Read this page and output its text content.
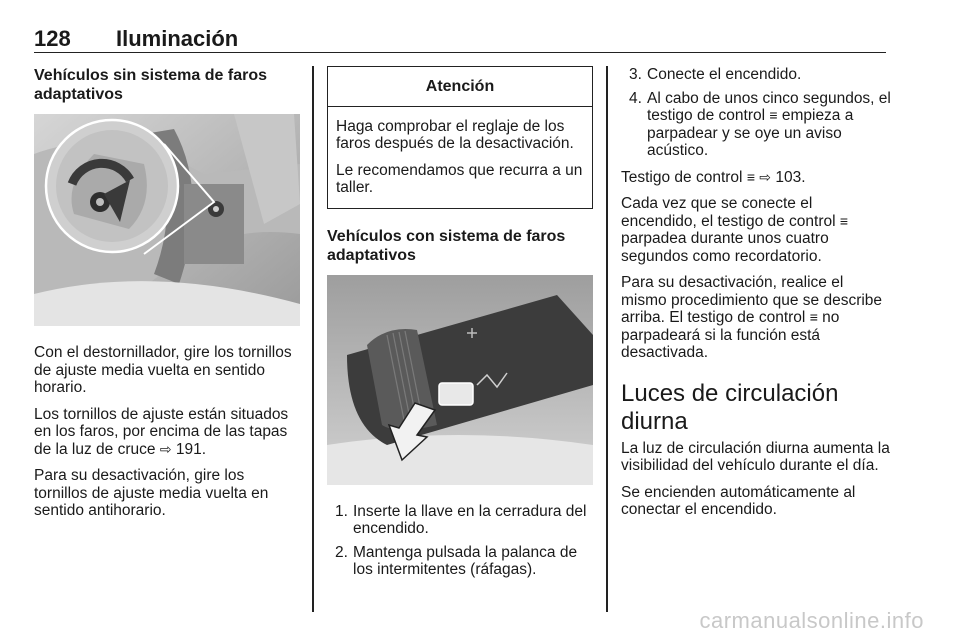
128 Iluminación
Vehículos sin sistema de faros adaptativos

Con el destornillador, gire los tornillos de ajuste media vuelta en sentido horario.

Los tornillos de ajuste están situados en los faros, por encima de las tapas de la luz de cruce ⇨ 191.

Para su desactivación, gire los tornillos de ajuste media vuelta en sentido antihorario.

Atención

Haga comprobar el reglaje de los faros después de la desactivación.

Le recomendamos que recurra a un taller.

Vehículos con sistema de faros adaptativos
1. Inserte la llave en la cerradura del encendido.
2. Mantenga pulsada la palanca de los intermitentes (ráfagas).
3. Conecte el encendido.
4. Al cabo de unos cinco segundos, el testigo de control ≡ empieza a parpadear y se oye un aviso acústico.

Testigo de control ≡ ⇨ 103.

Cada vez que se conecte el encendido, el testigo de control ≡ parpadea durante unos cuatro segundos como recordatorio.

Para su desactivación, realice el mismo procedimiento que se describe arriba. El testigo de control ≡ no parpadeará si la función está desactivada.

Luces de circulación diurna

La luz de circulación diurna aumenta la visibilidad del vehículo durante el día.

Se encienden automáticamente al conectar el encendido.

carmanualsonline.info
